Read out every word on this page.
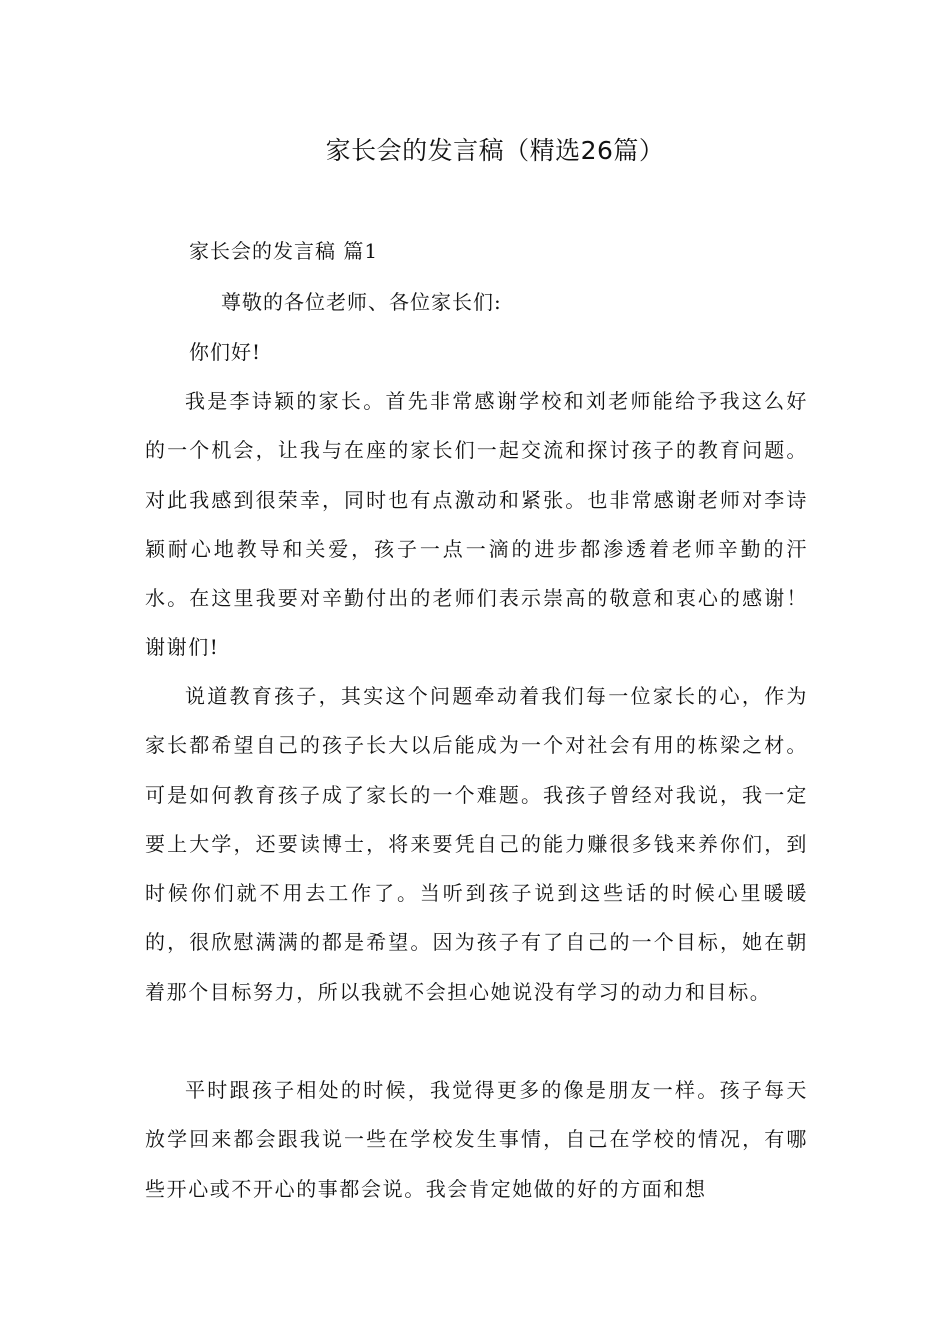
家长会的发言稿（精选26篇）
家长会的发言稿 篇1
尊敬的各位老师、各位家长们:
你们好!

我是李诗颖的家长。首先非常感谢学校和刘老师能给予我这么好的一个机会，让我与在座的家长们一起交流和探讨孩子的教育问题。对此我感到很荣幸，同时也有点激动和紧张。也非常感谢老师对李诗颖耐心地教导和关爱，孩子一点一滴的进步都渗透着老师辛勤的汗水。在这里我要对辛勤付出的老师们表示崇高的敬意和衷心的感谢！谢谢们!

说道教育孩子，其实这个问题牵动着我们每一位家长的心，作为家长都希望自己的孩子长大以后能成为一个对社会有用的栋梁之材。可是如何教育孩子成了家长的一个难题。我孩子曾经对我说，我一定要上大学，还要读博士，将来要凭自己的能力赚很多钱来养你们，到时候你们就不用去工作了。当听到孩子说到这些话的时候心里暖暖的，很欣慰满满的都是希望。因为孩子有了自己的一个目标，她在朝着那个目标努力，所以我就不会担心她说没有学习的动力和目标。

平时跟孩子相处的时候，我觉得更多的像是朋友一样。孩子每天放学回来都会跟我说一些在学校发生事情，自己在学校的情况，有哪些开心或不开心的事都会说。我会肯定她做的好的方面和想
